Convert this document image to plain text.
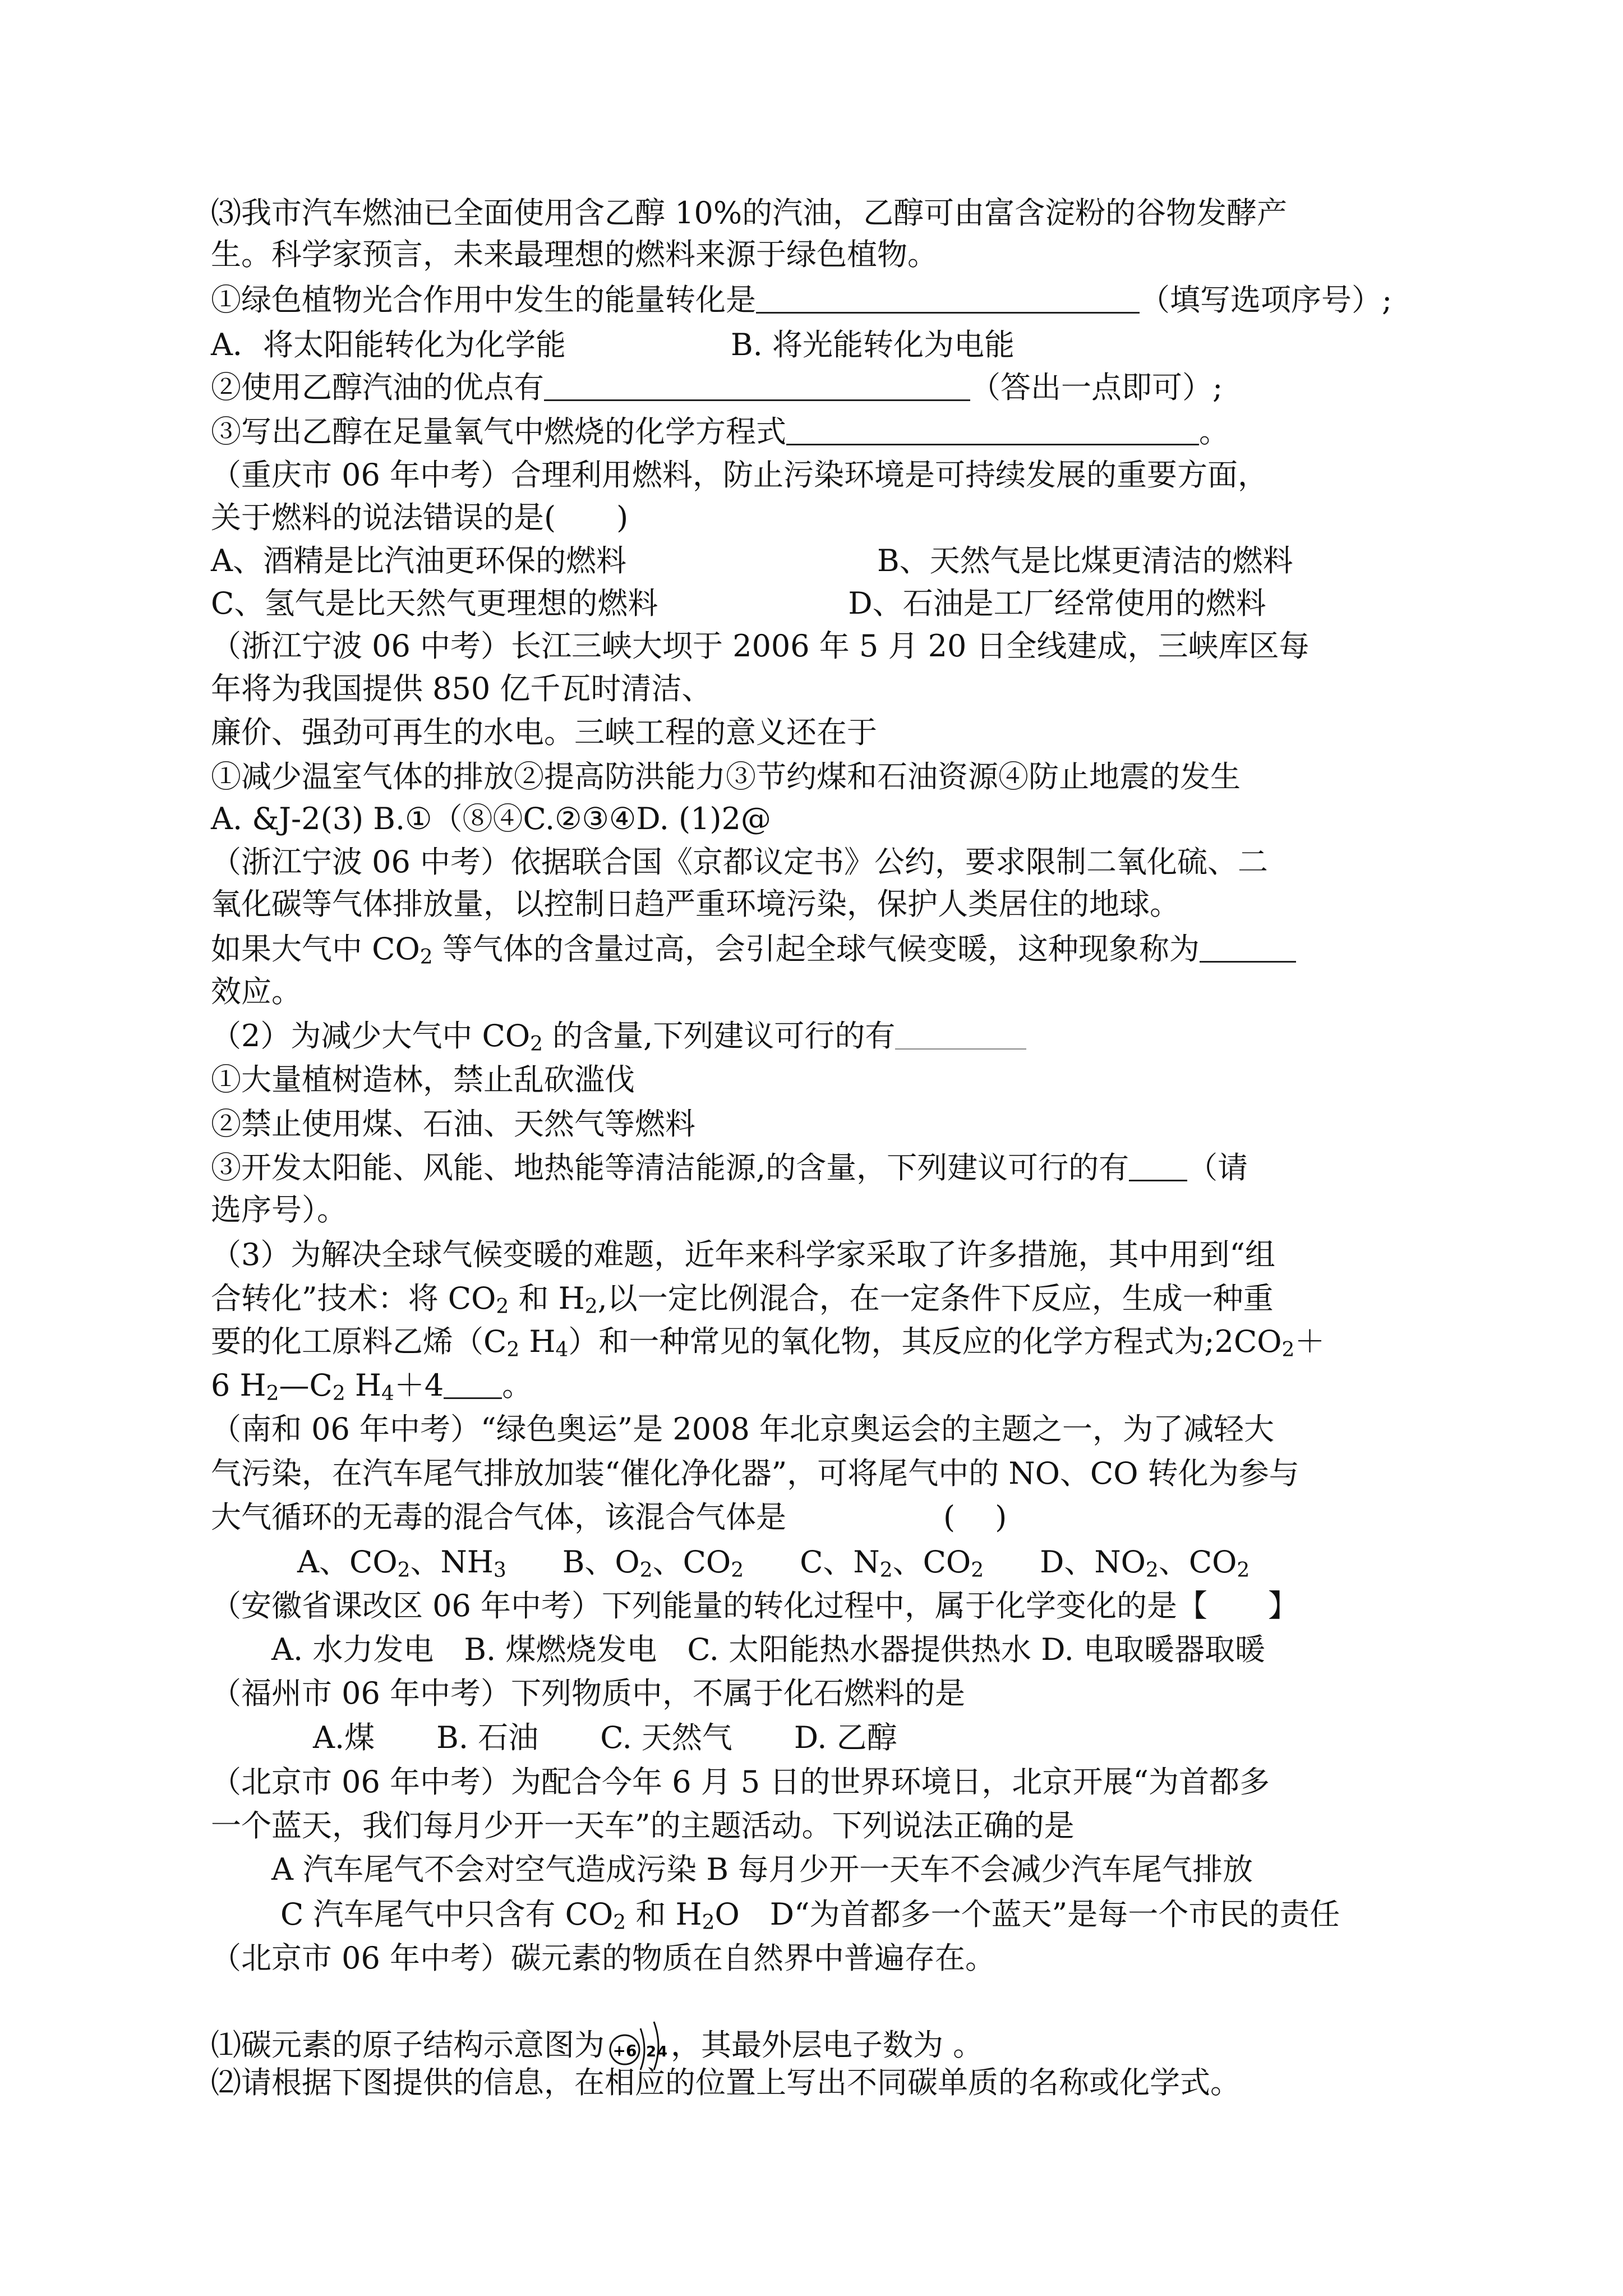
⑶我市汽车燃油已全面使用含乙醇 10%的汽油，乙醇可由富含淀粉的谷物发酵产
生。科学家预言，未来最理想的燃料来源于绿色植物。
①绿色植物光合作用中发生的能量转化是	（填写选项序号）;
A．将太阳能转化为化学能	B. 将光能转化为电能
②使用乙醇汽油的优点有	（答出一点即可）;
③写出乙醇在足量氧气中燃烧的化学方程式	。
（重庆市 06 年中考）合理利用燃料，防止污染环境是可持续发展的重要方面，
关于燃料的说法错误的是(　　)
A、酒精是比汽油更环保的燃料	B、天然气是比煤更清洁的燃料
C、氢气是比天然气更理想的燃料	D、石油是工厂经常使用的燃料
（浙江宁波 06 中考）长江三峡大坝于 2006 年 5 月 20 日全线建成，三峡库区每
年将为我国提供 850 亿千瓦时清洁、
廉价、强劲可再生的水电。三峡工程的意义还在于
①减少温室气体的排放②提高防洪能力③节约煤和石油资源④防止地震的发生
A. &J-2(3) B.①（⑧④C.②③④D. (1)2@
（浙江宁波 06 中考）依据联合国《京都议定书》公约，要求限制二氧化硫、二
氧化碳等气体排放量，以控制日趋严重环境污染，保护人类居住的地球。
如果大气中 $CO_2$ 等气体的含量过高，会引起全球气候变暖，这种现象称为
效应。
（2）为减少大气中 $CO_2$ 的含量,下列建议可行的有
①大量植树造林，禁止乱砍滥伐
②禁止使用煤、石油、天然气等燃料
③开发太阳能、风能、地热能等清洁能源,的含量，下列建议可行的有 （请
选序号）。
（3）为解决全球气候变暖的难题，近年来科学家采取了许多措施，其中用到“组
合转化”技术：将 $CO_2$ 和 $H_2$,以一定比例混合，在一定条件下反应，生成一种重
要的化工原料乙烯（$C_2$ $H_4$）和一种常见的氧化物，其反应的化学方程式为$;2CO_2+$
6 $H_2—C_2$ $H_4+4$ 。
（南和 06 年中考）“绿色奥运”是 2008 年北京奥运会的主题之一，为了减轻大
气污染，在汽车尾气排放加装“催化净化器”，可将尾气中的 NO、CO 转化为参与
大气循环的无毒的混合气体，该混合气体是	(　 )
A、$CO_2$、$NH_3$ B、$O_2$、$CO_2$ C、$N_2$、$CO_2$ D、$NO_2$、$CO_2$
（安徽省课改区 06 年中考）下列能量的转化过程中，属于化学变化的是【　　】
A. 水力发电　B. 煤燃烧发电　C. 太阳能热水器提供热水 D. 电取暖器取暖
（福州市 06 年中考）下列物质中，不属于化石燃料的是
A.煤 B. 石油 C. 天然气 D. 乙醇
（北京市 06 年中考）为配合今年 6 月 5 日的世界环境日，北京开展“为首都多
一个蓝天，我们每月少开一天车”的主题活动。下列说法正确的是
A 汽车尾气不会对空气造成污染 B 每月少开一天车不会减少汽车尾气排放
C 汽车尾气中只含有 $CO_2$ 和 $H_2O$　D“为首都多一个蓝天”是每一个市民的责任
（北京市 06 年中考）碳元素的物质在自然界中普遍存在。
⑴碳元素的原子结构示意图为 +6 2 4 ，其最外层电子数为 。
⑵请根据下图提供的信息，在相应的位置上写出不同碳单质的名称或化学式。
